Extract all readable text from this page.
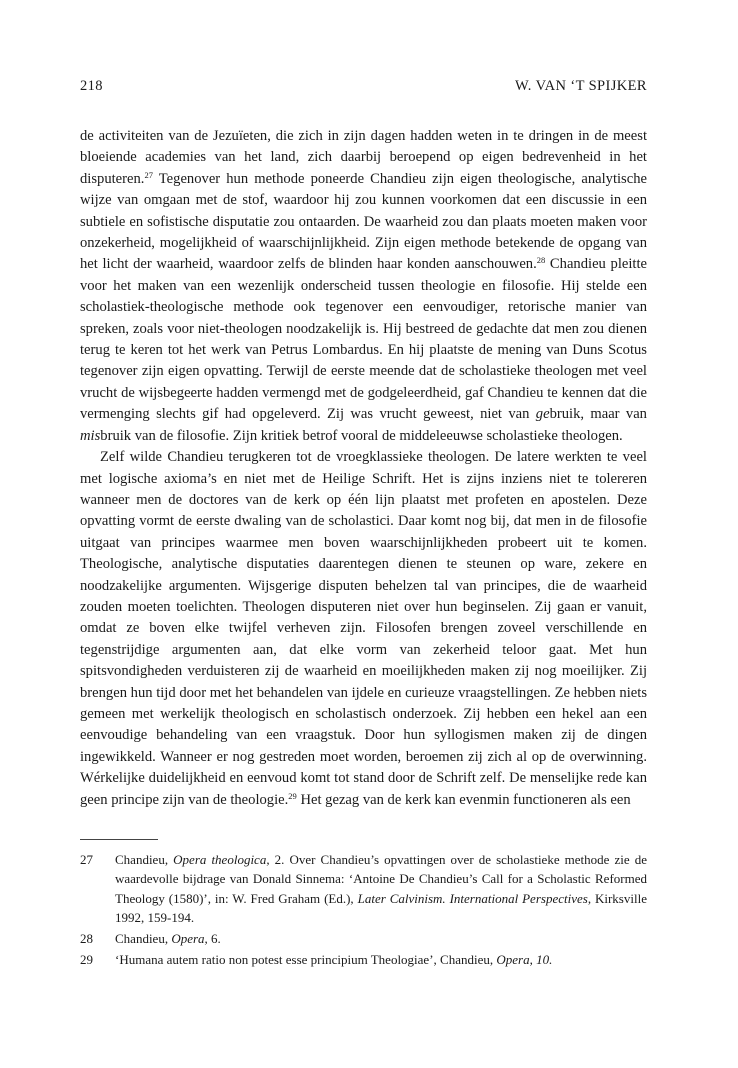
218	W. VAN ‘T SPIJKER

de activiteiten van de Jezuïeten, die zich in zijn dagen hadden weten in te dringen in de meest bloeiende academies van het land, zich daarbij beroepend op eigen bedrevenheid in het disputeren.$^{27}$ Tegenover hun methode poneerde Chandieu zijn eigen theologische, analytische wijze van omgaan met de stof, waardoor hij zou kunnen voorkomen dat een discussie in een subtiele en sofistische disputatie zou ontaarden. De waarheid zou dan plaats moeten maken voor onzekerheid, mogelijkheid of waarschijnlijkheid. Zijn eigen methode betekende de opgang van het licht der waarheid, waardoor zelfs de blinden haar konden aanschouwen.$^{28}$ Chandieu pleitte voor het maken van een wezenlijk onderscheid tussen theologie en filosofie. Hij stelde een scholastiek-theologische methode ook tegenover een eenvoudiger, retorische manier van spreken, zoals voor niet-theologen noodzakelijk is. Hij bestreed de gedachte dat men zou dienen terug te keren tot het werk van Petrus Lombardus. En hij plaatste de mening van Duns Scotus tegenover zijn eigen opvatting. Terwijl de eerste meende dat de scholastieke theologen met veel vrucht de wijsbegeerte hadden vermengd met de godgeleerdheid, gaf Chandieu te kennen dat die vermenging slechts gif had opgeleverd. Zij was vrucht geweest, niet van gebruik, maar van misbruik van de filosofie. Zijn kritiek betrof vooral de middeleeuwse scholastieke theologen.

Zelf wilde Chandieu terugkeren tot de vroegklassieke theologen. De latere werkten te veel met logische axioma’s en niet met de Heilige Schrift. Het is zijns inziens niet te tolereren wanneer men de doctores van de kerk op één lijn plaatst met profeten en apostelen. Deze opvatting vormt de eerste dwaling van de scholastici. Daar komt nog bij, dat men in de filosofie uitgaat van principes waarmee men boven waarschijnlijkheden probeert uit te komen. Theologische, analytische disputaties daarentegen dienen te steunen op ware, zekere en noodzakelijke argumenten. Wijsgerige disputen behelzen tal van principes, die de waarheid zouden moeten toelichten. Theologen disputeren niet over hun beginselen. Zij gaan er vanuit, omdat ze boven elke twijfel verheven zijn. Filosofen brengen zoveel verschillende en tegenstrijdige argumenten aan, dat elke vorm van zekerheid teloor gaat. Met hun spitsvondigheden verduisteren zij de waarheid en moeilijkheden maken zij nog moeilijker. Zij brengen hun tijd door met het behandelen van ijdele en curieuze vraagstellingen. Ze hebben niets gemeen met werkelijk theologisch en scholastisch onderzoek. Zij hebben een hekel aan een eenvoudige behandeling van een vraagstuk. Door hun syllogismen maken zij de dingen ingewikkeld. Wanneer er nog gestreden moet worden, beroemen zij zich al op de overwinning. Wérkelijke duidelijkheid en eenvoud komt tot stand door de Schrift zelf. De menselijke rede kan geen principe zijn van de theologie.$^{29}$ Het gezag van de kerk kan evenmin functioneren als een

27	Chandieu, Opera theologica, 2. Over Chandieu’s opvattingen over de scholastieke methode zie de waardevolle bijdrage van Donald Sinnema: ‘Antoine De Chandieu’s Call for a Scholastic Reformed Theology (1580)’, in: W. Fred Graham (Ed.), Later Calvinism. International Perspectives, Kirksville 1992, 159-194.
28	Chandieu, Opera, 6.
29	‘Humana autem ratio non potest esse principium Theologiae’, Chandieu, Opera, 10.
